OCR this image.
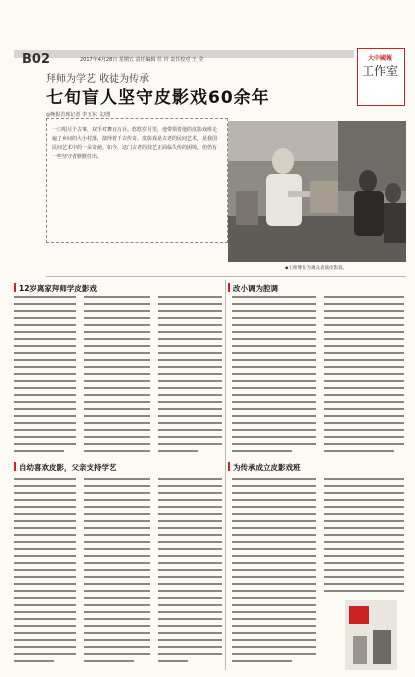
B02	2017年4月28日 星期五 责任编辑 任 玲 责任校对 王 莹	大中國報
工作室
拜师为学艺 收徒为传承
七旬盲人坚守皮影戏60余年
◎晚报首席记者 李玉东 文/图
一口唱尽千古事，双手对舞百万兵。悠悠岁月里，他带领着他的皮影戏班走遍了乡间的大小村落，演绎着千古传奇。皮影戏是古老的民间艺术，是我国民间艺术中的一朵奇葩。如今，这门古老的技艺正面临失传的困境，但仍有一些坚守者默默付出。
◆王师傅在为观众表演皮影戏。
12岁离家拜师学皮影戏	改小调为腔调
自幼喜欢皮影，父亲支持学艺	为传承成立皮影戏班
